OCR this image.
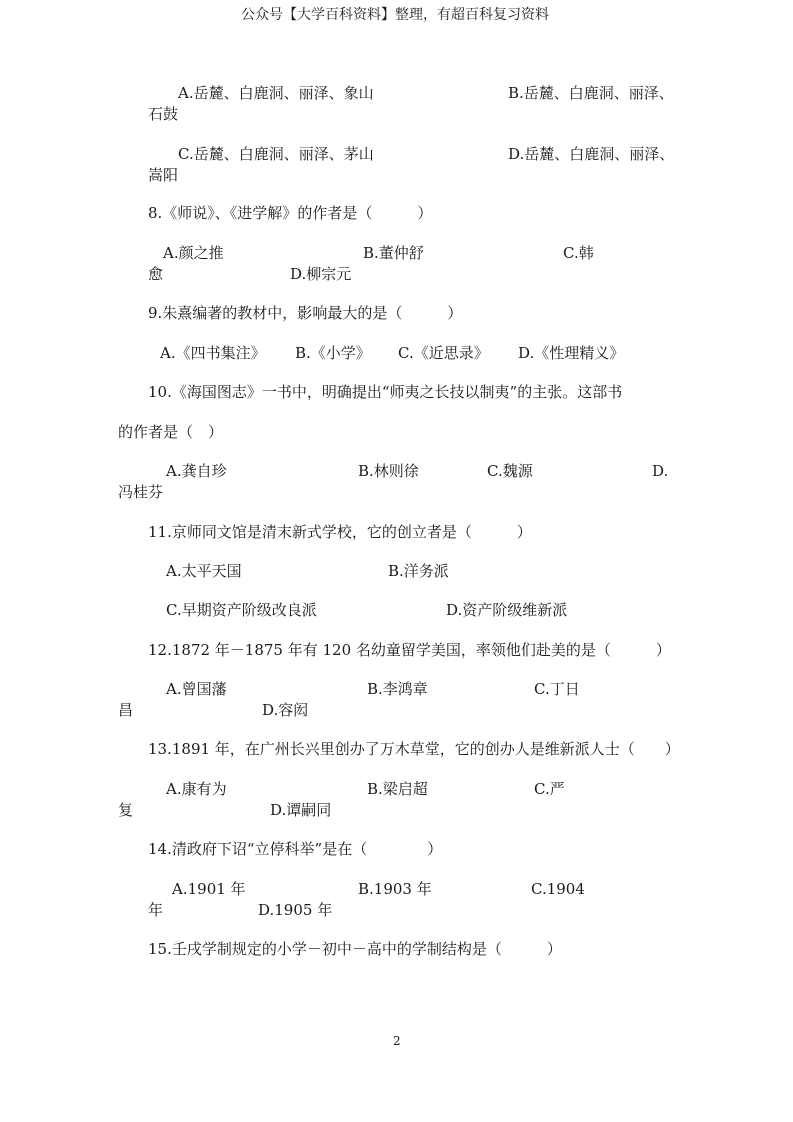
公众号【大学百科资料】整理，有超百科复习资料
A.岳麓、白鹿洞、丽泽、象山	B.岳麓、白鹿洞、丽泽、
石鼓
C.岳麓、白鹿洞、丽泽、茅山	D.岳麓、白鹿洞、丽泽、
嵩阳
8.《师说》、《进学解》的作者是（　　　）
A.颜之推	B.董仲舒	C.韩
愈	D.柳宗元
9.朱熹编著的教材中，影响最大的是（　　　）
A.《四书集注》 B.《小学》 C.《近思录》 D.《性理精义》
10.《海国图志》一书中，明确提出“师夷之长技以制夷”的主张。这部书
的作者是（　）
A.龚自珍	B.林则徐	C.魏源	D.
冯桂芬
11.京师同文馆是清末新式学校，它的创立者是（　　　）
A.太平天国	B.洋务派
C.早期资产阶级改良派	D.资产阶级维新派
12.1872 年－1875 年有 120 名幼童留学美国，率领他们赴美的是（　　　）
A.曾国藩	B.李鸿章	C.丁日
昌	D.容闳
13.1891 年，在广州长兴里创办了万木草堂，它的创办人是维新派人士（　　）
A.康有为	B.梁启超	C.严
复	D.谭嗣同
14.清政府下诏“立停科举”是在（　　　　）
A.1901 年	B.1903 年	C.1904
年	D.1905 年
15.壬戌学制规定的小学－初中－高中的学制结构是（　　　）
2
